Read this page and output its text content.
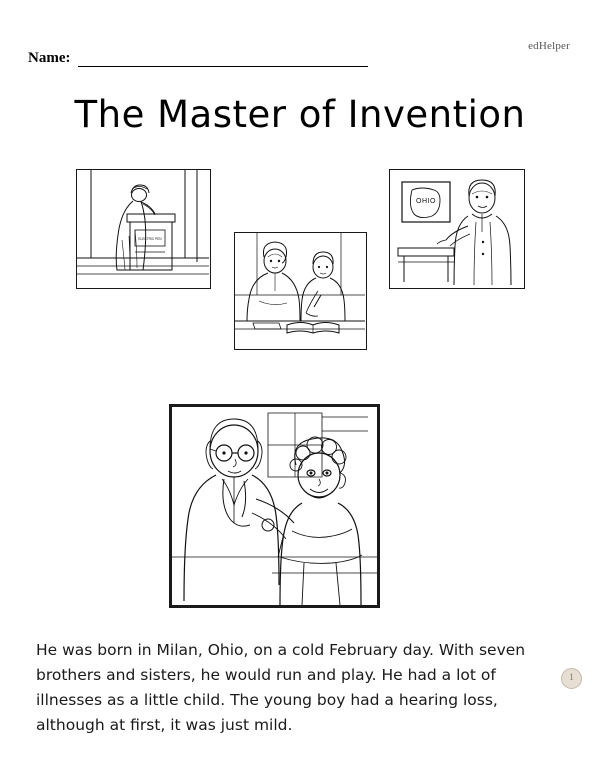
edHelper
Name:
The Master of Invention
ELECTRIC PEN
OHIO

He was born in Milan, Ohio, on a cold February day. With seven brothers and sisters, he would run and play. He had a lot of illnesses as a little child. The young boy had a hearing loss, although at first, it was just mild.

1
